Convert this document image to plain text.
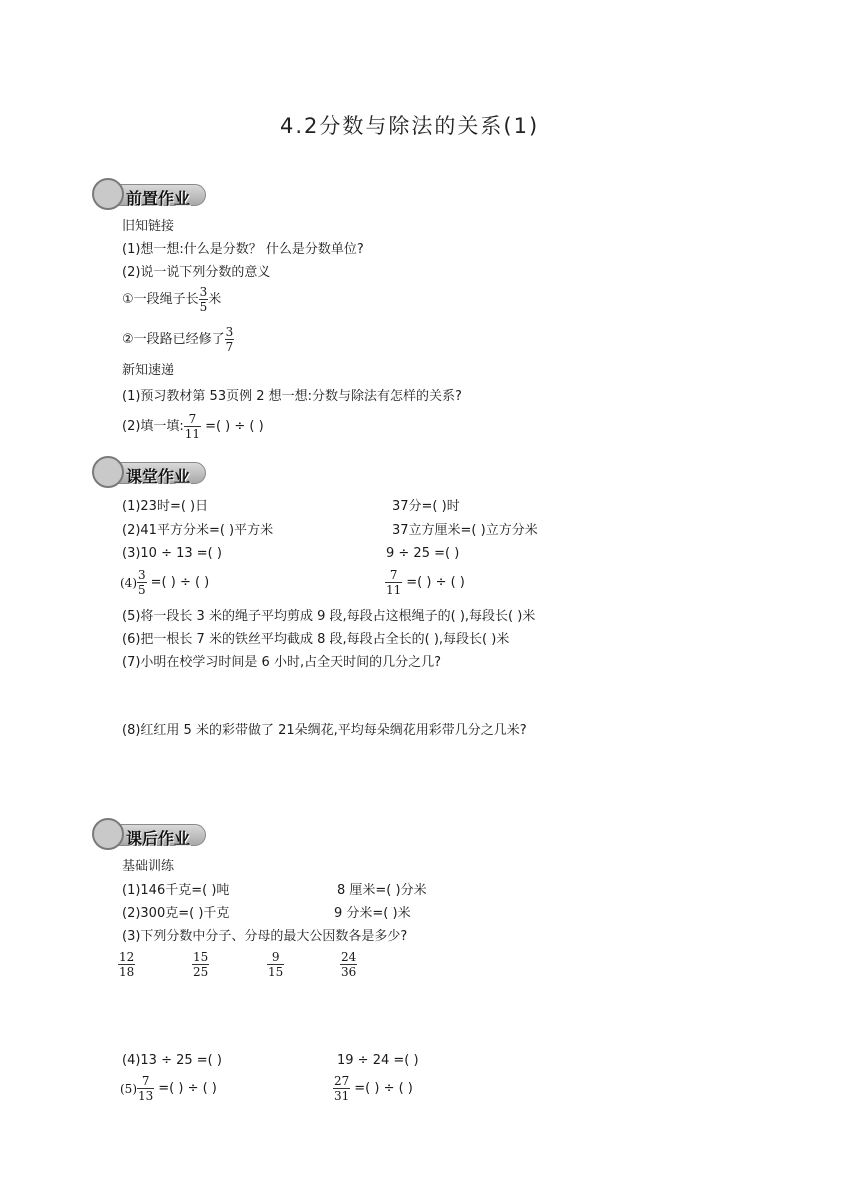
4.2分数与除法的关系(1)
前置作业
旧知链接
(1)想一想:什么是分数？ 什么是分数单位?
(2)说一说下列分数的意义
①一段绳子长 $\frac{3}{5}$ 米
②一段路已经修了 $\frac{3}{7}$
新知速递
(1)预习教材第 53页例 2 想一想:分数与除法有怎样的关系?
(2)填一填: $\frac{7}{11}$ =( ) ÷ ( )
课堂作业
(1)23时=( )日	37分=( )时
(2)41平方分米=( )平方米	37立方厘米=( )立方分米
(3)10 ÷ 13 =( )	9 ÷ 25 =( )
$(4) \frac{3}{5}$ =( ) ÷ ( )	$\frac{7}{11}$ =( ) ÷ ( )
(5)将一段长 3 米的绳子平均剪成 9 段,每段占这根绳子的( ),每段长( )米
(6)把一根长 7 米的铁丝平均截成 8 段,每段占全长的( ),每段长( )米
(7)小明在校学习时间是 6 小时,占全天时间的几分之几?
(8)红红用 5 米的彩带做了 21朵绸花,平均每朵绸花用彩带几分之几米?
课后作业
基础训练
(1)146千克=( )吨	8 厘米=( )分米
(2)300克=( )千克	9 分米=( )米
(3)下列分数中分子、分母的最大公因数各是多少?
$\frac{12}{18}$	$\frac{15}{25}$	$\frac{9}{15}$	$\frac{24}{36}$
(4)13 ÷ 25 =( )	19 ÷ 24 =( )
$(5) \frac{7}{13}$ =( ) ÷ ( )	$\frac{27}{31}$ =( ) ÷ ( )
